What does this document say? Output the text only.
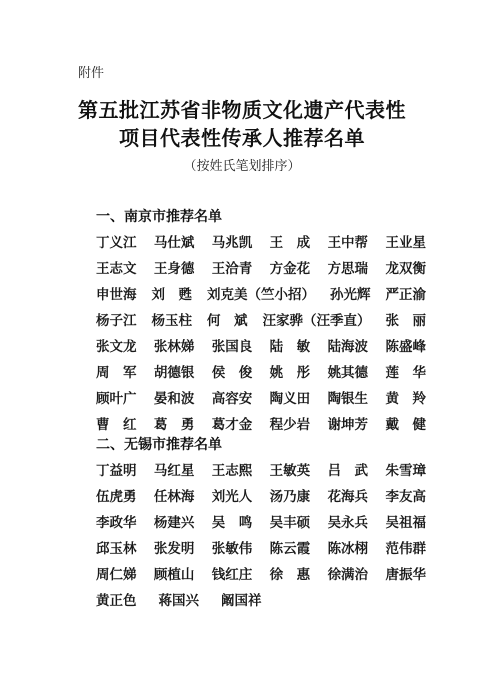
附件
第五批江苏省非物质文化遗产代表性
项目代表性传承人推荐名单
（按姓氏笔划排序）
一、南京市推荐名单
丁义江 马仕斌 马兆凯 王　成 王中帮 王业星
王志文 王身德 王洽青 方金花 方思瑞 龙双衡
申世海 刘　甦 刘克美（竺小招） 孙光辉 严正渝
杨子江 杨玉柱 何　斌 汪家骅（汪季直） 张　丽
张文龙 张林娣 张国良 陆　敏 陆海波 陈盛峰
周　军 胡德银 侯　俊 姚　彤 姚其德 莲　华
顾叶广 晏和波 高容安 陶义田 陶银生 黄　羚
曹　红 葛　勇 葛才金 程少岩 谢坤芳 戴　健
二、无锡市推荐名单
丁益明 马红星 王志熙 王敏英 吕　武 朱雪璋
伍虎勇 任林海 刘光人 汤乃康 花海兵 李友高
李政华 杨建兴 吴　鸣 吴丰硕 吴永兵 吴祖福
邱玉林 张发明 张敏伟 陈云霞 陈冰栩 范伟群
周仁娣 顾植山 钱红庄 徐　惠 徐满治 唐振华
黄正色 蒋国兴 阚国祥
